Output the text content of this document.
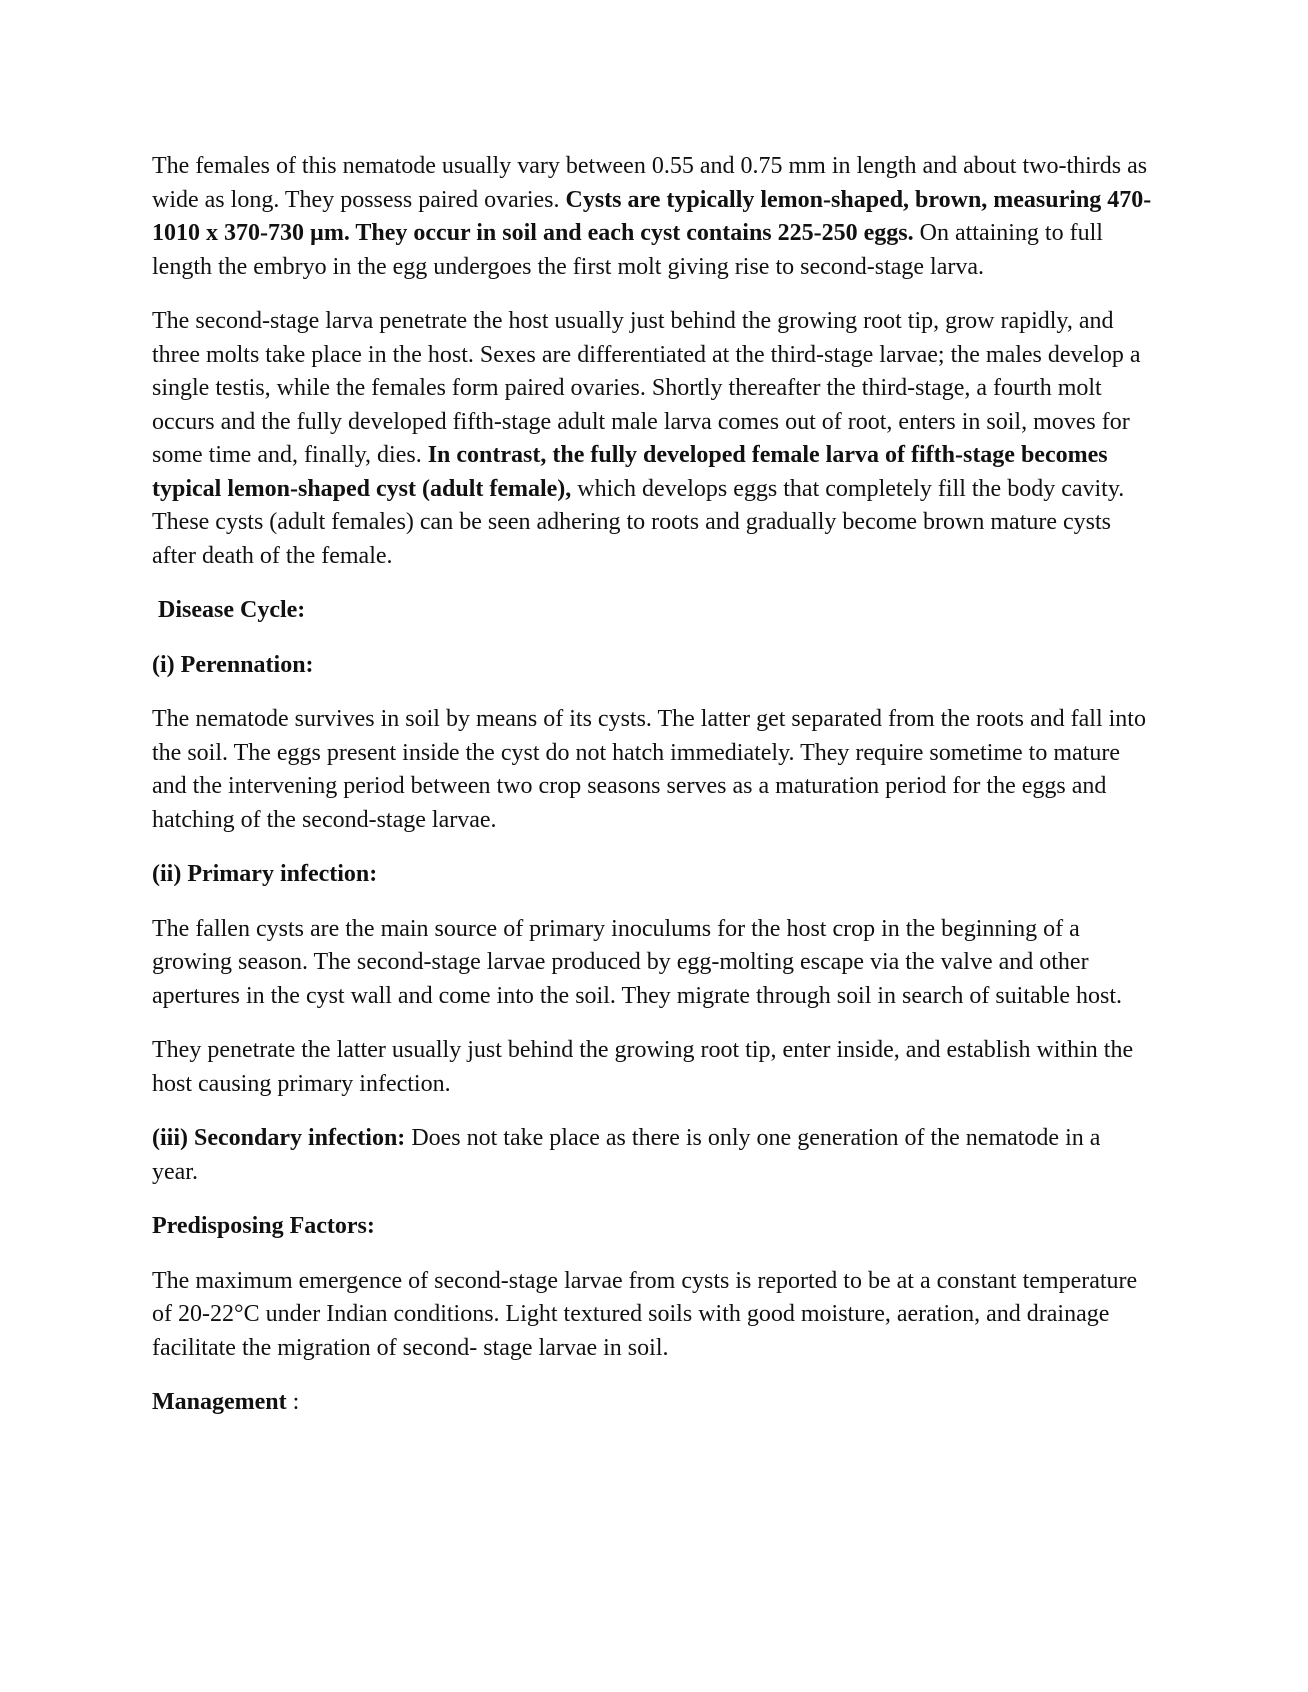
The females of this nematode usually vary between 0.55 and 0.75 mm in length and about two-thirds as wide as long. They possess paired ovaries. Cysts are typically lemon-shaped, brown, measuring 470-1010 x 370-730 µm. They occur in soil and each cyst contains 225-250 eggs. On attaining to full length the embryo in the egg undergoes the first molt giving rise to second-stage larva.

The second-stage larva penetrate the host usually just behind the growing root tip, grow rapidly, and three molts take place in the host. Sexes are differentiated at the third-stage larvae; the males develop a single testis, while the females form paired ovaries. Shortly thereafter the third-stage, a fourth molt occurs and the fully developed fifth-stage adult male larva comes out of root, enters in soil, moves for some time and, finally, dies. In contrast, the fully developed female larva of fifth-stage becomes typical lemon-shaped cyst (adult female), which develops eggs that completely fill the body cavity. These cysts (adult females) can be seen adhering to roots and gradually become brown mature cysts after death of the female.

Disease Cycle:

(i) Perennation:

The nematode survives in soil by means of its cysts. The latter get separated from the roots and fall into the soil. The eggs present inside the cyst do not hatch immediately. They require sometime to mature and the intervening period between two crop seasons serves as a maturation period for the eggs and hatching of the second-stage larvae.

(ii) Primary infection:

The fallen cysts are the main source of primary inoculums for the host crop in the beginning of a growing season. The second-stage larvae produced by egg-molting escape via the valve and other apertures in the cyst wall and come into the soil. They migrate through soil in search of suitable host.

They penetrate the latter usually just behind the growing root tip, enter inside, and establish within the host causing primary infection.

(iii) Secondary infection: Does not take place as there is only one generation of the nematode in a year.

Predisposing Factors:

The maximum emergence of second-stage larvae from cysts is reported to be at a constant temperature of 20-22°C under Indian conditions. Light textured soils with good moisture, aeration, and drainage facilitate the migration of second- stage larvae in soil.

Management :
